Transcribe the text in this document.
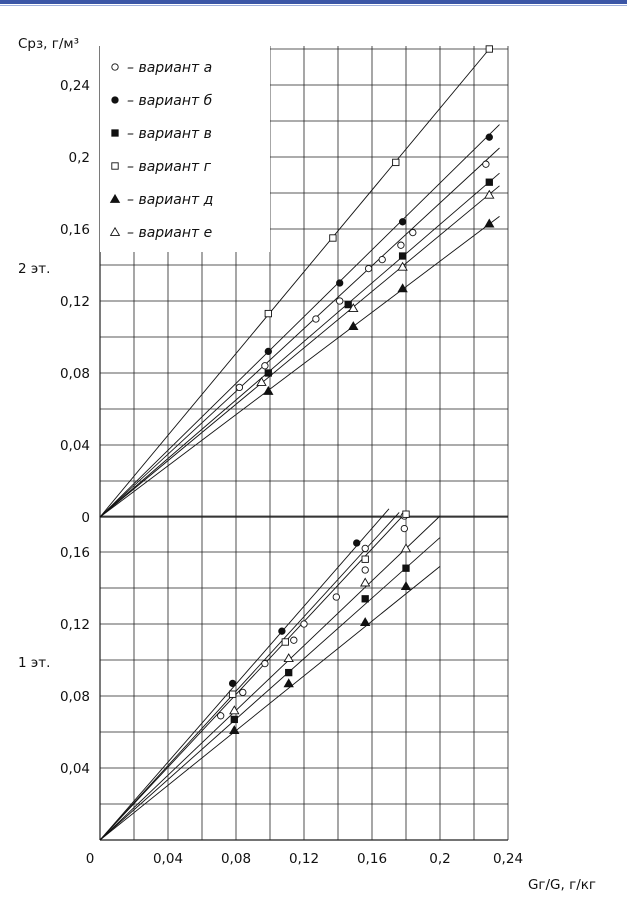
– вариант а
– вариант б
– вариант в
– вариант г
– вариант д
– вариант е
Срз, г/м³
2 эт.
1 эт.
Gг/G, г/кг
0
0,04
0,08
0,12
0,16
0,2
0,24
0,04
0,08
0,12
0,16
0	0,04	0,08	0,12	0,16	0,2	0,24
